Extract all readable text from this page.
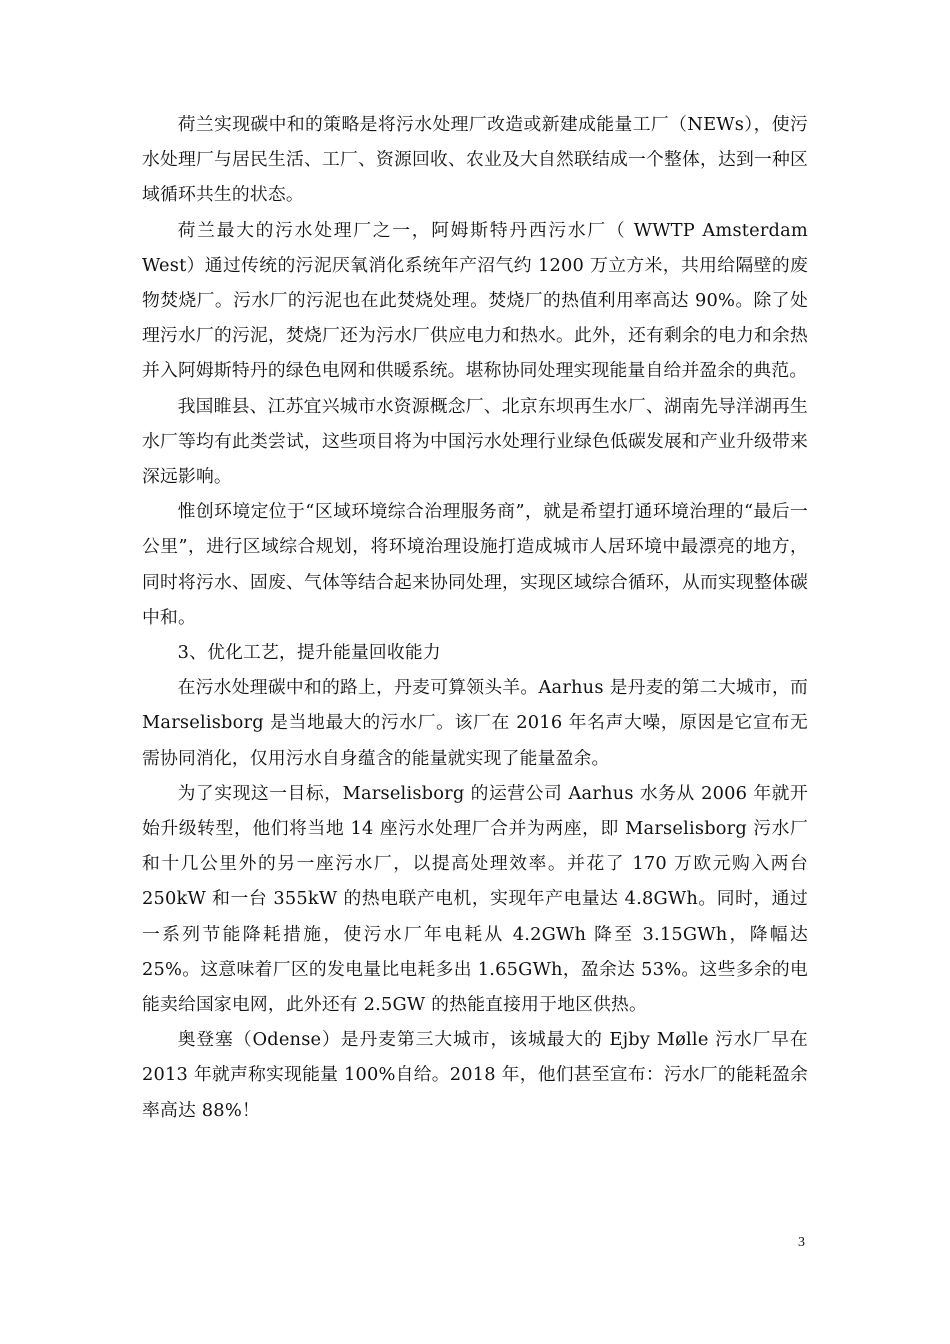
荷兰实现碳中和的策略是将污水处理厂改造或新建成能量工厂（NEWs），使污水处理厂与居民生活、工厂、资源回收、农业及大自然联结成一个整体，达到一种区域循环共生的状态。

荷兰最大的污水处理厂之一，阿姆斯特丹西污水厂（ WWTP Amsterdam West）通过传统的污泥厌氧消化系统年产沼气约 1200 万立方米，共用给隔壁的废物焚烧厂。污水厂的污泥也在此焚烧处理。焚烧厂的热值利用率高达 90%。除了处理污水厂的污泥，焚烧厂还为污水厂供应电力和热水。此外，还有剩余的电力和余热并入阿姆斯特丹的绿色电网和供暖系统。堪称协同处理实现能量自给并盈余的典范。

我国睢县、江苏宜兴城市水资源概念厂、北京东坝再生水厂、湖南先导洋湖再生水厂等均有此类尝试，这些项目将为中国污水处理行业绿色低碳发展和产业升级带来深远影响。

惟创环境定位于“区域环境综合治理服务商”，就是希望打通环境治理的“最后一公里”，进行区域综合规划，将环境治理设施打造成城市人居环境中最漂亮的地方，同时将污水、固废、气体等结合起来协同处理，实现区域综合循环，从而实现整体碳中和。

3、优化工艺，提升能量回收能力

在污水处理碳中和的路上，丹麦可算领头羊。Aarhus 是丹麦的第二大城市，而 Marselisborg 是当地最大的污水厂。该厂在 2016 年名声大噪，原因是它宣布无需协同消化，仅用污水自身蕴含的能量就实现了能量盈余。

为了实现这一目标，Marselisborg 的运营公司 Aarhus 水务从 2006 年就开始升级转型，他们将当地 14 座污水处理厂合并为两座，即 Marselisborg 污水厂和十几公里外的另一座污水厂，以提高处理效率。并花了 170 万欧元购入两台 250kW 和一台 355kW 的热电联产电机，实现年产电量达 4.8GWh。同时，通过一系列节能降耗措施，使污水厂年电耗从 4.2GWh 降至 3.15GWh，降幅达 25%。这意味着厂区的发电量比电耗多出 1.65GWh，盈余达 53%。这些多余的电能卖给国家电网，此外还有 2.5GW 的热能直接用于地区供热。

奥登塞（Odense）是丹麦第三大城市，该城最大的 Ejby Mølle 污水厂早在 2013 年就声称实现能量 100%自给。2018 年，他们甚至宣布：污水厂的能耗盈余率高达 88%！

3
